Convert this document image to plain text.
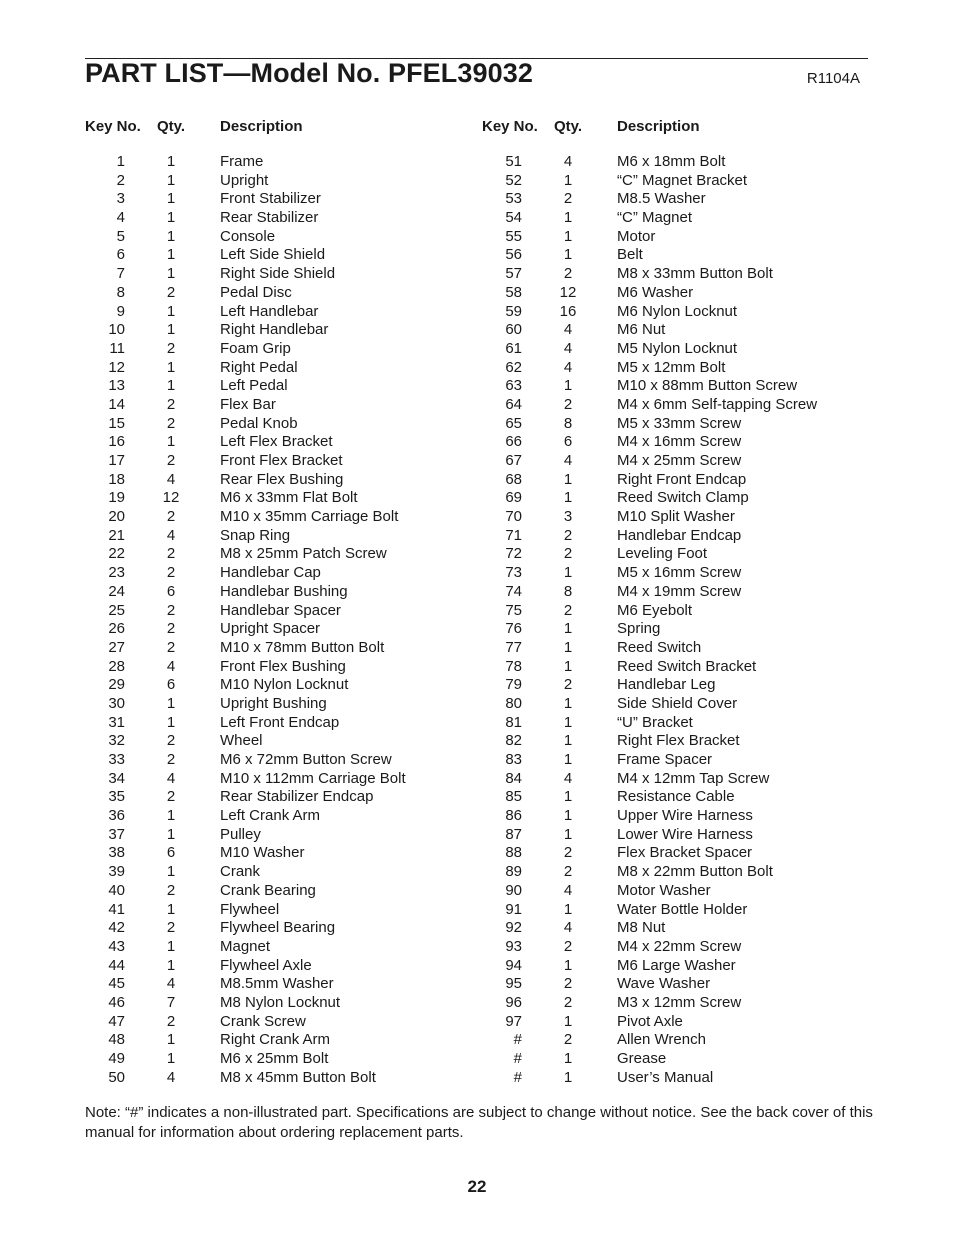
PART LIST—Model No. PFEL39032	R1104A
Key No. Qty. Description
1	1	Frame
2	1	Upright
3	1	Front Stabilizer
4	1	Rear Stabilizer
5	1	Console
6	1	Left Side Shield
7	1	Right Side Shield
8	2	Pedal Disc
9	1	Left Handlebar
10	1	Right Handlebar
11	2	Foam Grip
12	1	Right Pedal
13	1	Left Pedal
14	2	Flex Bar
15	2	Pedal Knob
16	1	Left Flex Bracket
17	2	Front Flex Bracket
18	4	Rear Flex Bushing
19	12	M6 x 33mm Flat Bolt
20	2	M10 x 35mm Carriage Bolt
21	4	Snap Ring
22	2	M8 x 25mm Patch Screw
23	2	Handlebar Cap
24	6	Handlebar Bushing
25	2	Handlebar Spacer
26	2	Upright Spacer
27	2	M10 x 78mm Button Bolt
28	4	Front Flex Bushing
29	6	M10 Nylon Locknut
30	1	Upright Bushing
31	1	Left Front Endcap
32	2	Wheel
33	2	M6 x 72mm Button Screw
34	4	M10 x 112mm Carriage Bolt
35	2	Rear Stabilizer Endcap
36	1	Left Crank Arm
37	1	Pulley
38	6	M10 Washer
39	1	Crank
40	2	Crank Bearing
41	1	Flywheel
42	2	Flywheel Bearing
43	1	Magnet
44	1	Flywheel Axle
45	4	M8.5mm Washer
46	7	M8 Nylon Locknut
47	2	Crank Screw
48	1	Right Crank Arm
49	1	M6 x 25mm Bolt
50	4	M8 x 45mm Button Bolt
Key No. Qty. Description
51	4	M6 x 18mm Bolt
52	1	“C” Magnet Bracket
53	2	M8.5 Washer
54	1	“C” Magnet
55	1	Motor
56	1	Belt
57	2	M8 x 33mm Button Bolt
58	12	M6 Washer
59	16	M6 Nylon Locknut
60	4	M6 Nut
61	4	M5 Nylon Locknut
62	4	M5 x 12mm Bolt
63	1	M10 x 88mm Button Screw
64	2	M4 x 6mm Self-tapping Screw
65	8	M5 x 33mm Screw
66	6	M4 x 16mm Screw
67	4	M4 x 25mm Screw
68	1	Right Front Endcap
69	1	Reed Switch Clamp
70	3	M10 Split Washer
71	2	Handlebar Endcap
72	2	Leveling Foot
73	1	M5 x 16mm Screw
74	8	M4 x 19mm Screw
75	2	M6 Eyebolt
76	1	Spring
77	1	Reed Switch
78	1	Reed Switch Bracket
79	2	Handlebar Leg
80	1	Side Shield Cover
81	1	“U” Bracket
82	1	Right Flex Bracket
83	1	Frame Spacer
84	4	M4 x 12mm Tap Screw
85	1	Resistance Cable
86	1	Upper Wire Harness
87	1	Lower Wire Harness
88	2	Flex Bracket Spacer
89	2	M8 x 22mm Button Bolt
90	4	Motor Washer
91	1	Water Bottle Holder
92	4	M8 Nut
93	2	M4 x 22mm Screw
94	1	M6 Large Washer
95	2	Wave Washer
96	2	M3 x 12mm Screw
97	1	Pivot Axle
#	2	Allen Wrench
#	1	Grease
#	1	User’s Manual
Note: “#” indicates a non-illustrated part. Specifications are subject to change without notice. See the back cover of this manual for information about ordering replacement parts.
22
